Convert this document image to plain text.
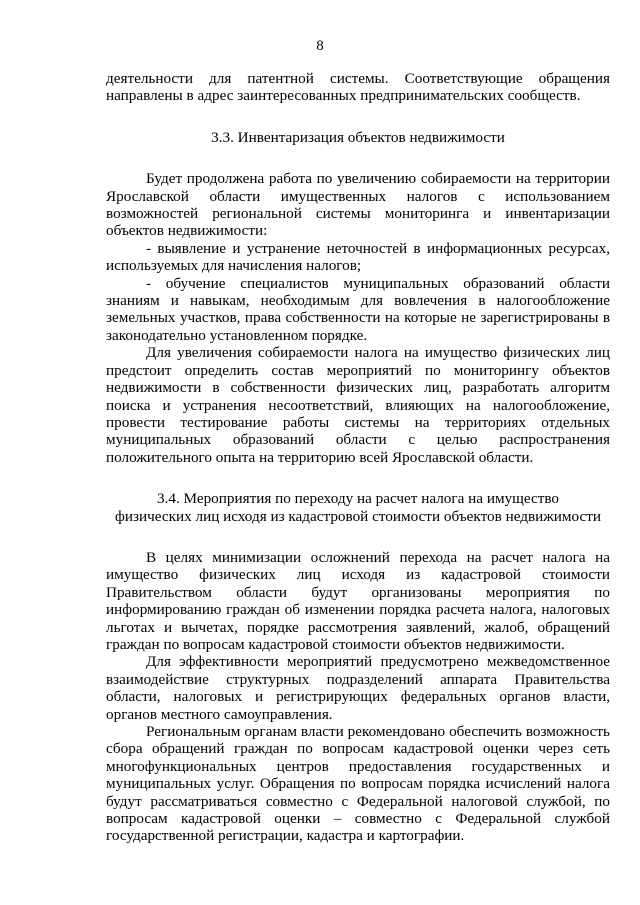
8

деятельности для патентной системы. Соответствующие обращения направлены в адрес заинтересованных предпринимательских сообществ.

3.3. Инвентаризация объектов недвижимости

Будет продолжена работа по увеличению собираемости на территории Ярославской области имущественных налогов с использованием возможностей региональной системы мониторинга и инвентаризации объектов недвижимости:

- выявление и устранение неточностей в информационных ресурсах, используемых для начисления налогов;

- обучение специалистов муниципальных образований области знаниям и навыкам, необходимым для вовлечения в налогообложение земельных участков, права собственности на которые не зарегистрированы в законодательно установленном порядке.

Для увеличения собираемости налога на имущество физических лиц предстоит определить состав мероприятий по мониторингу объектов недвижимости в собственности физических лиц, разработать алгоритм поиска и устранения несоответствий, влияющих на налогообложение, провести тестирование работы системы на территориях отдельных муниципальных образований области с целью распространения положительного опыта на территорию всей Ярославской области.

3.4. Мероприятия по переходу на расчет налога на имущество

физических лиц исходя из кадастровой стоимости объектов недвижимости

В целях минимизации осложнений перехода на расчет налога на имущество физических лиц исходя из кадастровой стоимости Правительством области будут организованы мероприятия по информированию граждан об изменении порядка расчета налога, налоговых льготах и вычетах, порядке рассмотрения заявлений, жалоб, обращений граждан по вопросам кадастровой стоимости объектов недвижимости.

Для эффективности мероприятий предусмотрено межведомственное взаимодействие структурных подразделений аппарата Правительства области, налоговых и регистрирующих федеральных органов власти, органов местного самоуправления.

Региональным органам власти рекомендовано обеспечить возможность сбора обращений граждан по вопросам кадастровой оценки через сеть многофункциональных центров предоставления государственных и муниципальных услуг. Обращения по вопросам порядка исчислений налога будут рассматриваться совместно с Федеральной налоговой службой, по вопросам кадастровой оценки – совместно с Федеральной службой государственной регистрации, кадастра и картографии.
